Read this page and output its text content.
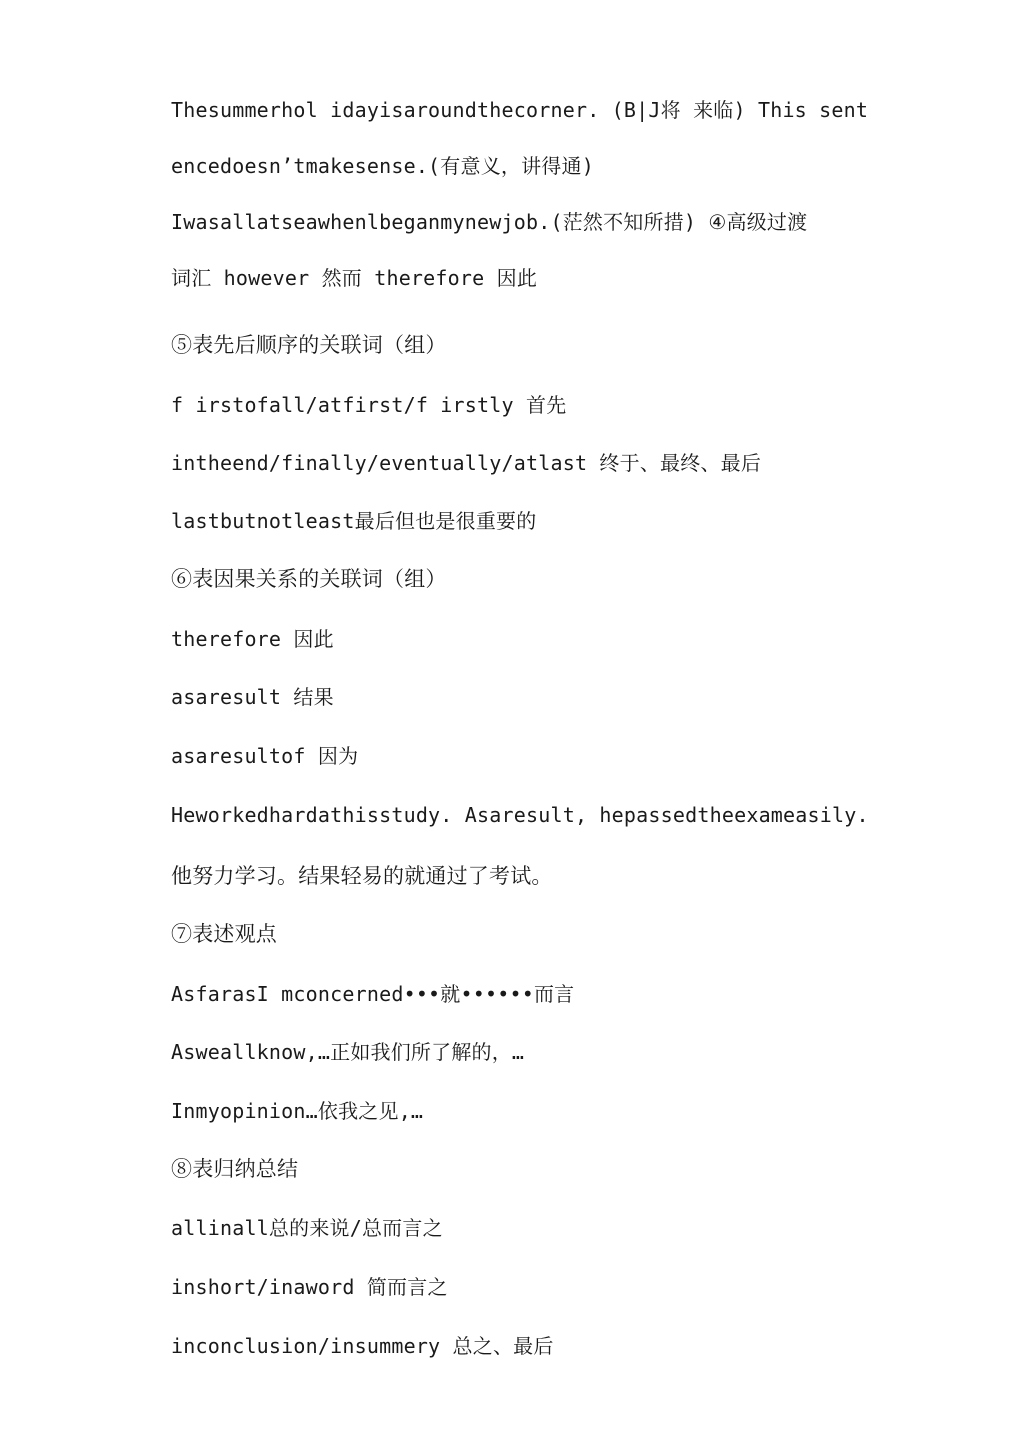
Thesummerhol idayisaroundthecorner. (B|J将 来临) This sent
encedoesn’tmakesense.(有意义，讲得通)
Iwasallatseawhenlbeganmynewjob.(茫然不知所措) ④高级过渡
词汇 however 然而 therefore 因此
⑤表先后顺序的关联词（组）
f irstofall/atfirst/f irstly 首先
intheend/finally/eventually/atlast 终于、最终、最后
lastbutnotleast最后但也是很重要的
⑥表因果关系的关联词（组）
therefore 因此
asaresult 结果
asaresultof 因为
Heworkedhardathisstudy. Asaresult, hepassedtheexameasily.
他努力学习。结果轻易的就通过了考试。
⑦表述观点
AsfarasI mconcerned•••就••••••而言
Asweallknow,…正如我们所了解的，…
Inmyopinion…依我之见,…
⑧表归纳总结
allinall总的来说/总而言之
inshort/inaword 简而言之
inconclusion/insummery 总之、最后
